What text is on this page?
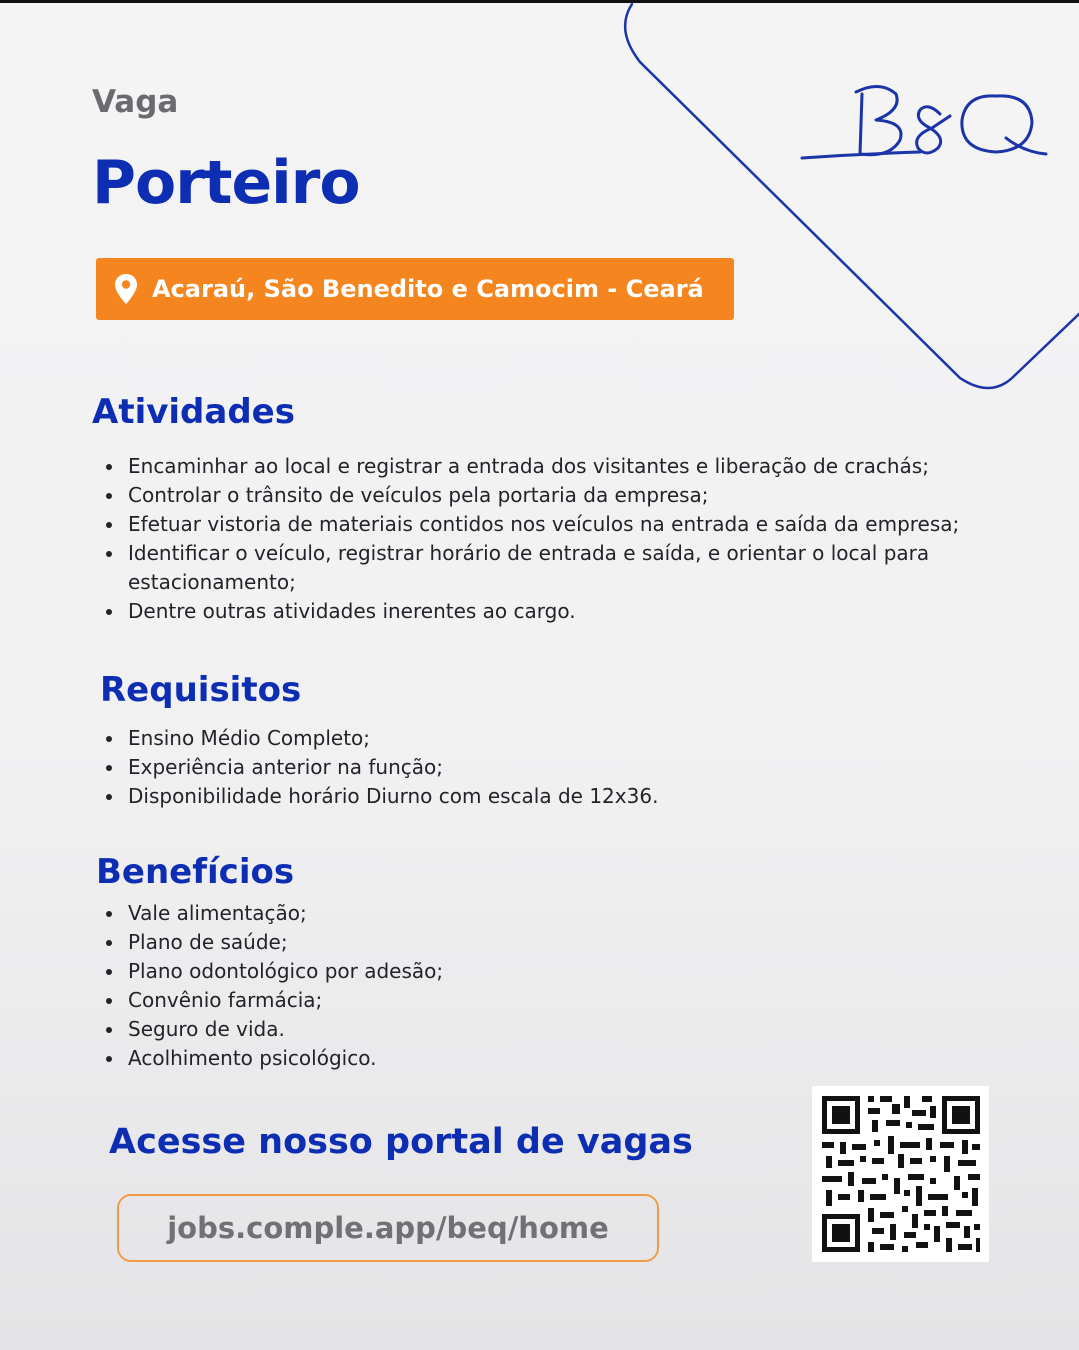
Vaga
Porteiro
Acaraú, São Benedito e Camocim - Ceará
Atividades
Encaminhar ao local e registrar a entrada dos visitantes e liberação de crachás;
Controlar o trânsito de veículos pela portaria da empresa;
Efetuar vistoria de materiais contidos nos veículos na entrada e saída da empresa;
Identificar o veículo, registrar horário de entrada e saída, e orientar o local para estacionamento;
Dentre outras atividades inerentes ao cargo.
Requisitos
Ensino Médio Completo;
Experiência anterior na função;
Disponibilidade horário Diurno com escala de 12x36.
Benefícios
Vale alimentação;
Plano de saúde;
Plano odontológico por adesão;
Convênio farmácia;
Seguro de vida.
Acolhimento psicológico.
Acesse nosso portal de vagas
jobs.comple.app/beq/home
